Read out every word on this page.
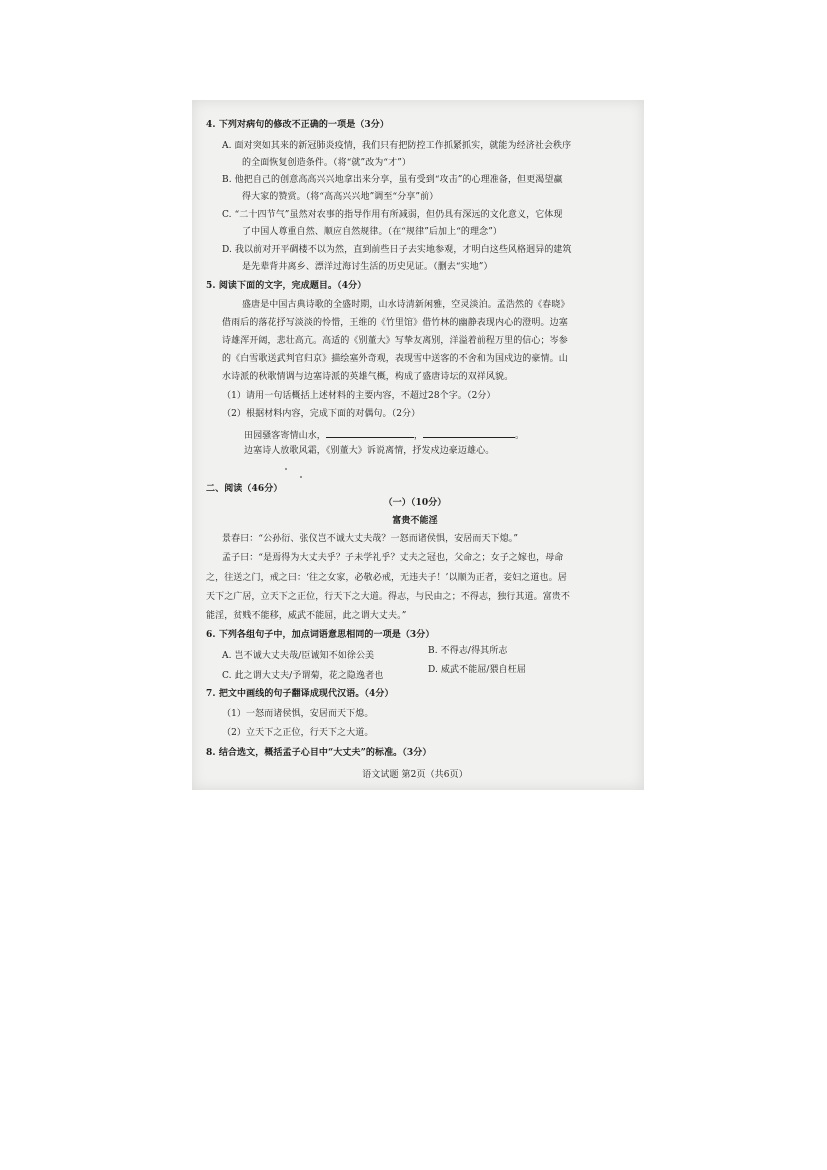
4. 下列对病句的修改不正确的一项是（3分）
A. 面对突如其来的新冠肺炎疫情，我们只有把防控工作抓紧抓实，就能为经济社会秩序
的全面恢复创造条件。（将“就”改为“才”）
B. 他把自己的创意高高兴兴地拿出来分享，虽有受到“攻击”的心理准备，但更渴望赢
得大家的赞赏。（将“高高兴兴地”调至“分享”前）
C. “二十四节气”虽然对农事的指导作用有所减弱，但仍具有深远的文化意义，它体现
了中国人尊重自然、顺应自然规律。（在“规律”后加上“的理念”）
D. 我以前对开平碉楼不以为然，直到前些日子去实地参观，才明白这些风格迥异的建筑
是先辈背井离乡、漂洋过海讨生活的历史见证。（删去“实地”）
5. 阅读下面的文字，完成题目。（4分）
盛唐是中国古典诗歌的全盛时期，山水诗清新闲雅，空灵淡泊。孟浩然的《春晓》
借雨后的落花抒写淡淡的怜惜，王维的《竹里馆》借竹林的幽静表现内心的澄明。边塞
诗雄浑开阔，悲壮高亢。高适的《别董大》写挚友离别，洋溢着前程万里的信心；岑参
的《白雪歌送武判官归京》描绘塞外奇观，表现雪中送客的不舍和为国戍边的豪情。山
水诗派的秋歌情调与边塞诗派的英雄气概，构成了盛唐诗坛的双祥风貌。
（1）请用一句话概括上述材料的主要内容，不超过28个字。（2分）
（2）根据材料内容，完成下面的对偶句。（2分）
田园骚客寄情山水，	，	。
边塞诗人放歌风霜，《别董大》诉说离情，抒发戍边豪迈雄心。
二、阅读（46分）
（一）（10分）
富贵不能淫
景春曰：“公孙衍、张仪岂不诚大丈夫哉？一怒而诸侯惧，安居而天下熄。”
孟子曰：“是焉得为大丈夫乎？子未学礼乎？丈夫之冠也，父命之；女子之嫁也，母命
之，往送之门，戒之曰：‘往之女家，必敬必戒，无违夫子！’以顺为正者，妾妇之道也。居
天下之广居，立天下之正位，行天下之大道。得志，与民由之；不得志，独行其道。富贵不
能淫，贫贱不能移，威武不能屈，此之谓大丈夫。”
6. 下列各组句子中，加点词语意思相同的一项是（3分）
A. 岂不诚大丈夫哉/臣诚知不如徐公美	B. 不得志/得其所志
C. 此之谓大丈夫/予谓菊，花之隐逸者也
D. 威武不能屈/猥自枉屈
7. 把文中画线的句子翻译成现代汉语。（4分）
（1）一怒而诸侯惧，安居而天下熄。
（2）立天下之正位，行天下之大道。
8. 结合选文，概括孟子心目中“大丈夫”的标准。（3分）
语文试题 第2页（共6页）
